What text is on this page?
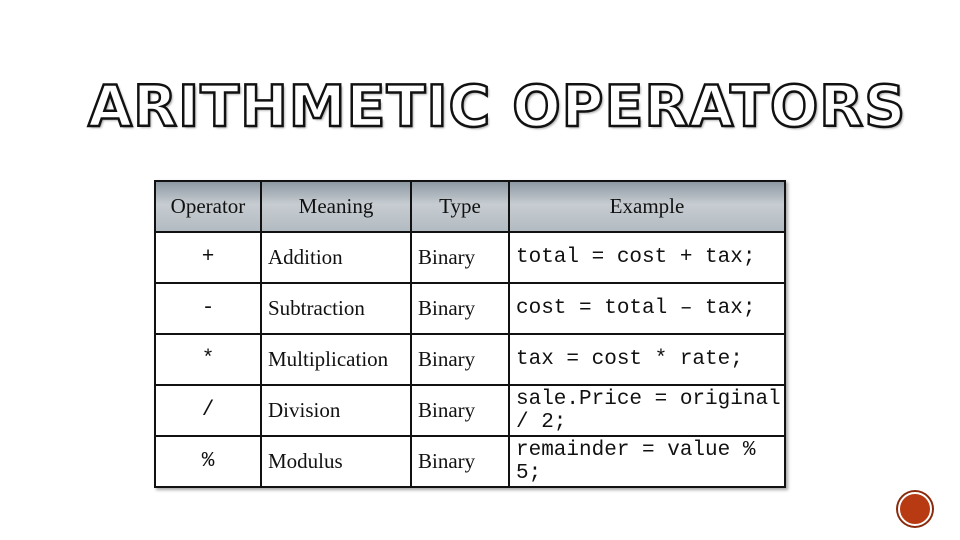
ARITHMETIC OPERATORS
Operator	Meaning	Type	Example
+	Addition	Binary	total = cost + tax;
-	Subtraction	Binary	cost = total – tax;
*	Multiplication	Binary	tax = cost * rate;
/	Division	Binary	sale.Price = original / 2;
%	Modulus	Binary	remainder = value % 5;
